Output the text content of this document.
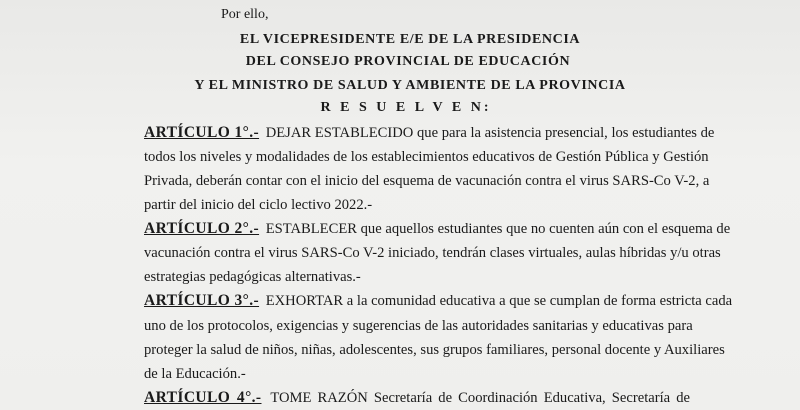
Por ello,
EL VICEPRESIDENTE E/E DE LA PRESIDENCIA
DEL CONSEJO PROVINCIAL DE EDUCACIÓN
Y EL MINISTRO DE SALUD Y AMBIENTE DE LA PROVINCIA
R E S U E L V E N:
ARTÍCULO 1°.- DEJAR ESTABLECIDO que para la asistencia presencial, los estudiantes de
todos los niveles y modalidades de los establecimientos educativos de Gestión Pública y Gestión
Privada, deberán contar con el inicio del esquema de vacunación contra el virus SARS-Co V-2, a
partir del inicio del ciclo lectivo 2022.-
ARTÍCULO 2°.- ESTABLECER que aquellos estudiantes que no cuenten aún con el esquema de
vacunación contra el virus SARS-Co V-2 iniciado, tendrán clases virtuales, aulas híbridas y/u otras
estrategias pedagógicas alternativas.-
ARTÍCULO 3°.- EXHORTAR a la comunidad educativa a que se cumplan de forma estricta cada
uno de los protocolos, exigencias y sugerencias de las autoridades sanitarias y educativas para
proteger la salud de niños, niñas, adolescentes, sus grupos familiares, personal docente y Auxiliares
de la Educación.-
ARTÍCULO 4°.- TOME RAZÓN Secretaría de Coordinación Educativa, Secretaría de
